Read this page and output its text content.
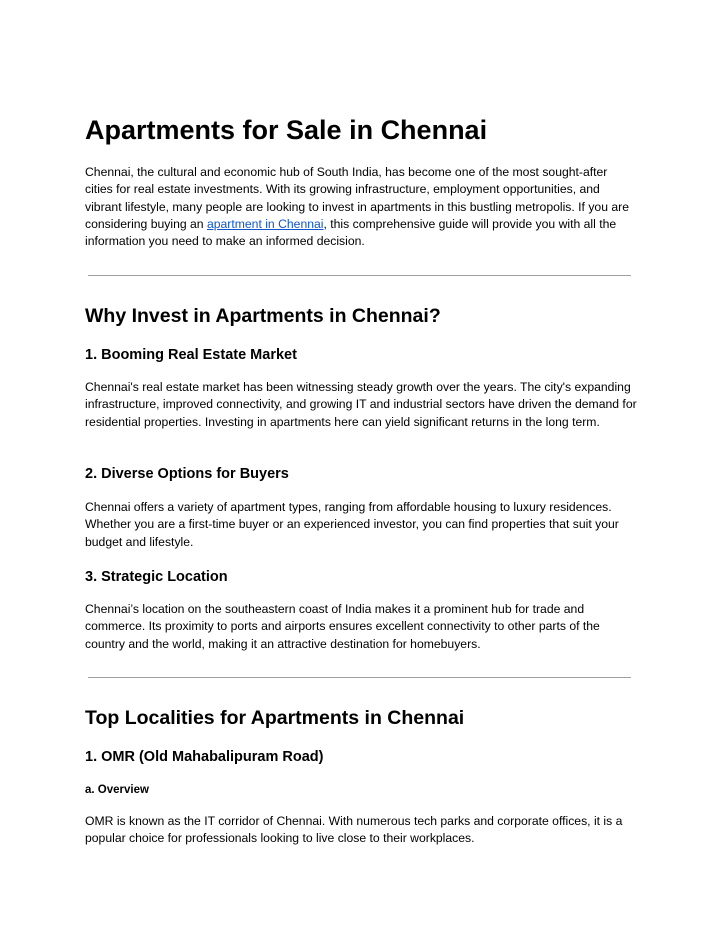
Apartments for Sale in Chennai

Chennai, the cultural and economic hub of South India, has become one of the most sought-after cities for real estate investments. With its growing infrastructure, employment opportunities, and vibrant lifestyle, many people are looking to invest in apartments in this bustling metropolis. If you are considering buying an apartment in Chennai, this comprehensive guide will provide you with all the information you need to make an informed decision.

Why Invest in Apartments in Chennai?
1. Booming Real Estate Market

Chennai's real estate market has been witnessing steady growth over the years. The city's expanding infrastructure, improved connectivity, and growing IT and industrial sectors have driven the demand for residential properties. Investing in apartments here can yield significant returns in the long term.

2. Diverse Options for Buyers

Chennai offers a variety of apartment types, ranging from affordable housing to luxury residences. Whether you are a first-time buyer or an experienced investor, you can find properties that suit your budget and lifestyle.

3. Strategic Location

Chennai’s location on the southeastern coast of India makes it a prominent hub for trade and commerce. Its proximity to ports and airports ensures excellent connectivity to other parts of the country and the world, making it an attractive destination for homebuyers.

Top Localities for Apartments in Chennai
1. OMR (Old Mahabalipuram Road)
a. Overview

OMR is known as the IT corridor of Chennai. With numerous tech parks and corporate offices, it is a popular choice for professionals looking to live close to their workplaces.
